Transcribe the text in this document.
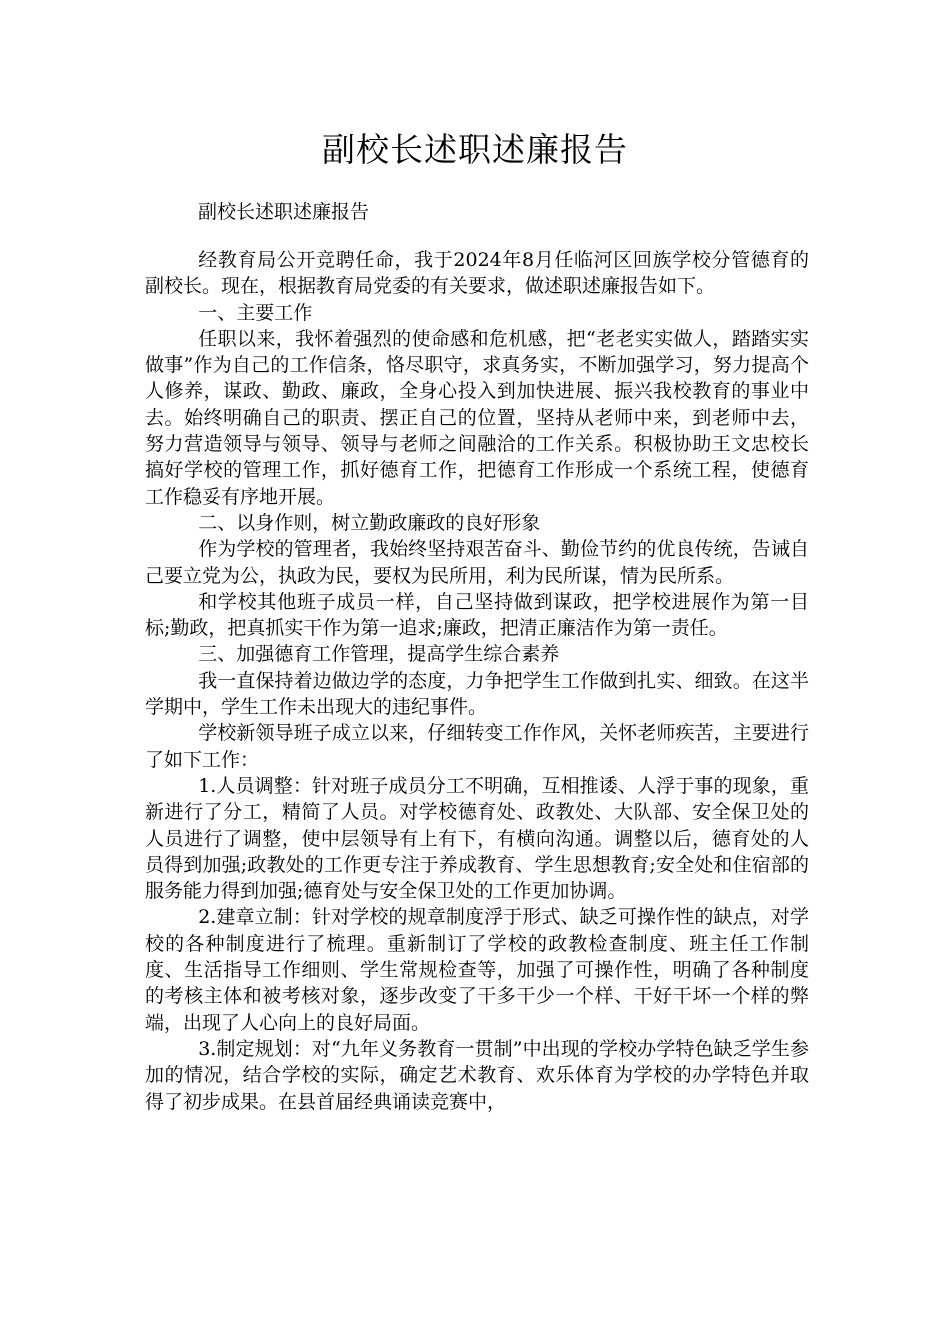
副校长述职述廉报告
副校长述职述廉报告

经教育局公开竞聘任命，我于2024年8月任临河区回族学校分管德育的副校长。现在，根据教育局党委的有关要求，做述职述廉报告如下。

一、主要工作

任职以来，我怀着强烈的使命感和危机感，把“老老实实做人，踏踏实实做事”作为自己的工作信条，恪尽职守，求真务实，不断加强学习，努力提高个人修养，谋政、勤政、廉政，全身心投入到加快进展、振兴我校教育的事业中去。始终明确自己的职责、摆正自己的位置，坚持从老师中来，到老师中去，努力营造领导与领导、领导与老师之间融洽的工作关系。积极协助王文忠校长搞好学校的管理工作，抓好德育工作，把德育工作形成一个系统工程，使德育工作稳妥有序地开展。

二、以身作则，树立勤政廉政的良好形象

作为学校的管理者，我始终坚持艰苦奋斗、勤俭节约的优良传统，告诫自己要立党为公，执政为民，要权为民所用，利为民所谋，情为民所系。

和学校其他班子成员一样，自己坚持做到谋政，把学校进展作为第一目标;勤政，把真抓实干作为第一追求;廉政，把清正廉洁作为第一责任。

三、加强德育工作管理，提高学生综合素养

我一直保持着边做边学的态度，力争把学生工作做到扎实、细致。在这半学期中，学生工作未出现大的违纪事件。

学校新领导班子成立以来，仔细转变工作作风，关怀老师疾苦，主要进行了如下工作：

1.人员调整：针对班子成员分工不明确，互相推诿、人浮于事的现象，重新进行了分工，精简了人员。对学校德育处、政教处、大队部、安全保卫处的人员进行了调整，使中层领导有上有下，有横向沟通。调整以后，德育处的人员得到加强;政教处的工作更专注于养成教育、学生思想教育;安全处和住宿部的服务能力得到加强;德育处与安全保卫处的工作更加协调。

2.建章立制：针对学校的规章制度浮于形式、缺乏可操作性的缺点，对学校的各种制度进行了梳理。重新制订了学校的政教检查制度、班主任工作制度、生活指导工作细则、学生常规检查等，加强了可操作性，明确了各种制度的考核主体和被考核对象，逐步改变了干多干少一个样、干好干坏一个样的弊端，出现了人心向上的良好局面。

3.制定规划：对“九年义务教育一贯制”中出现的学校办学特色缺乏学生参加的情况，结合学校的实际，确定艺术教育、欢乐体育为学校的办学特色并取得了初步成果。在县首届经典诵读竞赛中，
